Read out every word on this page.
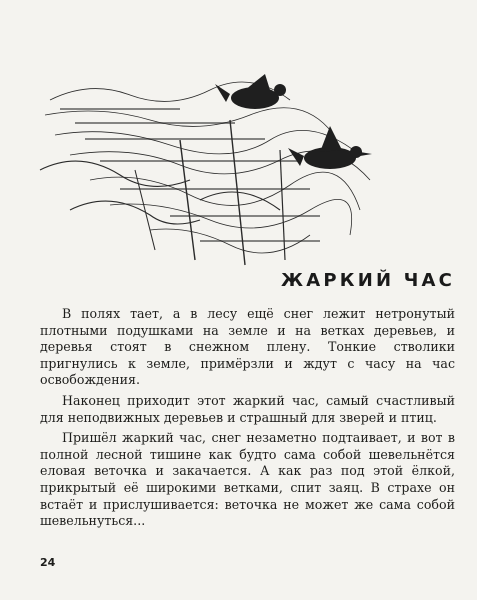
ЖАРКИЙ ЧАС

В полях тает, а в лесу ещё снег лежит нетронутый плотными подушками на земле и на ветках деревьев, и деревья стоят в снежном плену. Тонкие стволики пригнулись к земле, примёрзли и ждут с часу на час освобождения.

Наконец приходит этот жаркий час, самый счастливый для неподвижных деревьев и страшный для зверей и птиц.

Пришёл жаркий час, снег незаметно подтаивает, и вот в полной лесной тишине как будто сама собой шевельнётся еловая веточка и закачается. А как раз под этой ёлкой, прикрытый её широкими ветками, спит заяц. В страхе он встаёт и прислушивается: веточка не может же сама собой шевельнуться...

24
